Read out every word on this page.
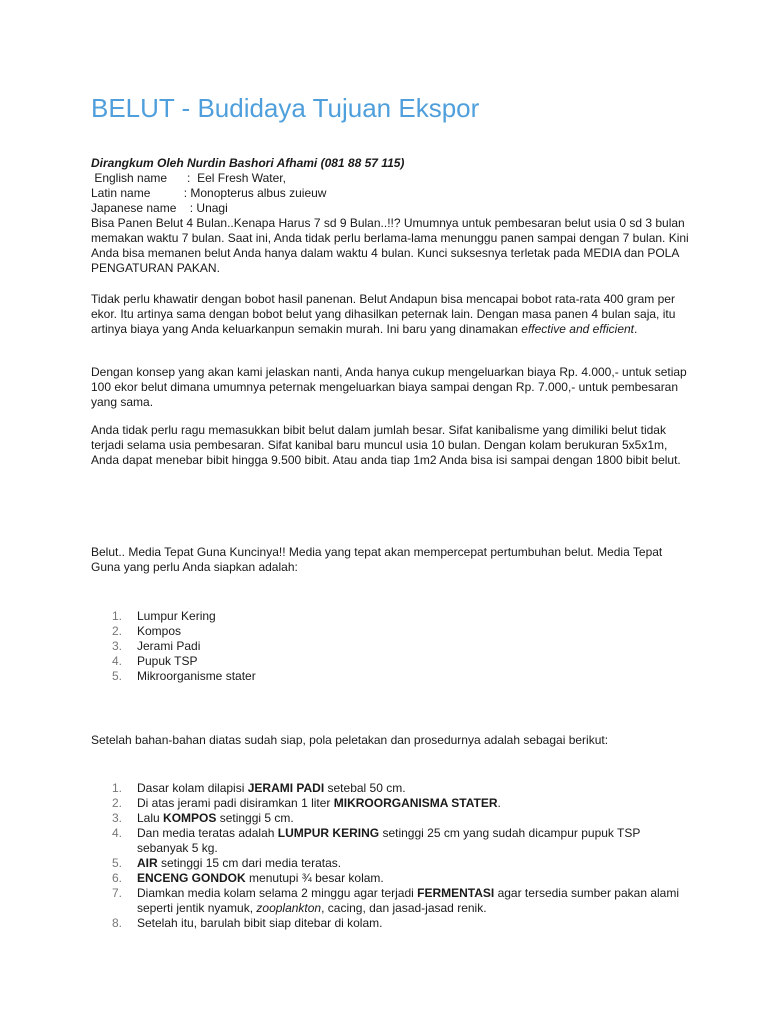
BELUT - Budidaya Tujuan Ekspor
Dirangkum Oleh Nurdin Bashori Afhami (081 88 57 115)
English name      :  Eel Fresh Water,
Latin name          : Monopterus albus zuieuw
Japanese name    : Unagi

Bisa Panen Belut 4 Bulan..Kenapa Harus 7 sd 9 Bulan..!!? Umumnya untuk pembesaran belut usia 0 sd 3 bulan memakan waktu 7 bulan. Saat ini, Anda tidak perlu berlama-lama menunggu panen sampai dengan 7 bulan. Kini Anda bisa memanen belut Anda hanya dalam waktu 4 bulan. Kunci suksesnya terletak pada MEDIA dan POLA PENGATURAN PAKAN.

Tidak perlu khawatir dengan bobot hasil panenan. Belut Andapun bisa mencapai bobot rata-rata 400 gram per ekor. Itu artinya sama dengan bobot belut yang dihasilkan peternak lain. Dengan masa panen 4 bulan saja, itu artinya biaya yang Anda keluarkanpun semakin murah. Ini baru yang dinamakan effective and efficient.

Dengan konsep yang akan kami jelaskan nanti, Anda hanya cukup mengeluarkan biaya Rp. 4.000,- untuk setiap 100 ekor belut dimana umumnya peternak mengeluarkan biaya sampai dengan Rp. 7.000,- untuk pembesaran yang sama.

Anda tidak perlu ragu memasukkan bibit belut dalam jumlah besar. Sifat kanibalisme yang dimiliki belut tidak terjadi selama usia pembesaran. Sifat kanibal baru muncul usia 10 bulan. Dengan kolam berukuran 5x5x1m, Anda dapat menebar bibit hingga 9.500 bibit. Atau anda tiap 1m2 Anda bisa isi sampai dengan 1800 bibit belut.

Belut.. Media Tepat Guna Kuncinya!! Media yang tepat akan mempercepat pertumbuhan belut. Media Tepat Guna yang perlu Anda siapkan adalah:

1. Lumpur Kering
2. Kompos
3. Jerami Padi
4. Pupuk TSP
5. Mikroorganisme stater

Setelah bahan-bahan diatas sudah siap, pola peletakan dan prosedurnya adalah sebagai berikut:

1. Dasar kolam dilapisi JERAMI PADI setebal 50 cm.
2. Di atas jerami padi disiramkan 1 liter MIKROORGANISMA STATER.
3. Lalu KOMPOS setinggi 5 cm.
4. Dan media teratas adalah LUMPUR KERING setinggi 25 cm yang sudah dicampur pupuk TSP sebanyak 5 kg.
5. AIR setinggi 15 cm dari media teratas.
6. ENCENG GONDOK menutupi ¾ besar kolam.
7. Diamkan media kolam selama 2 minggu agar terjadi FERMENTASI agar tersedia sumber pakan alami seperti jentik nyamuk, zooplankton, cacing, dan jasad-jasad renik.
8. Setelah itu, barulah bibit siap ditebar di kolam.
